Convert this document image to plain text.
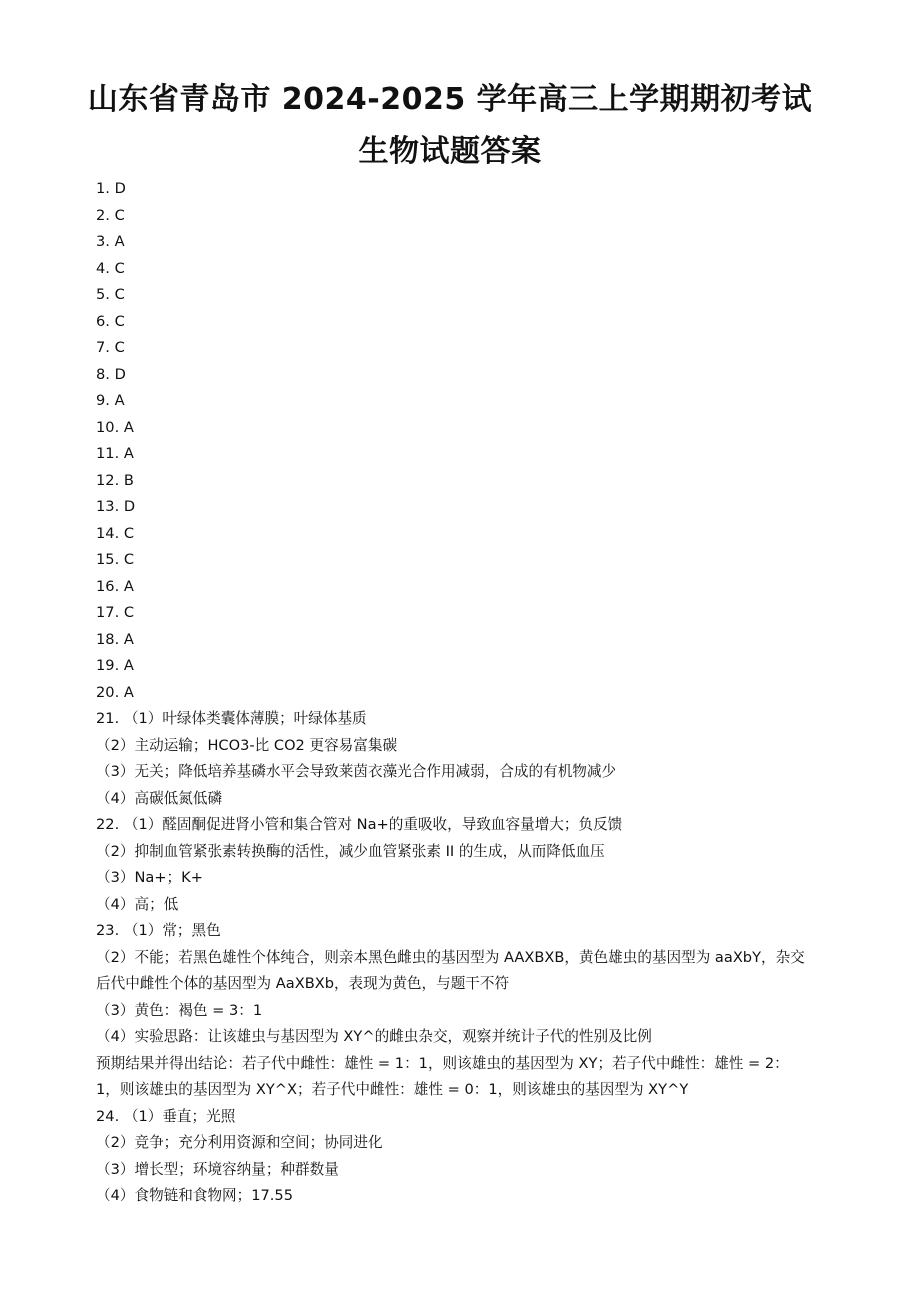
山东省青岛市 2024-2025 学年高三上学期期初考试
生物试题答案
1. D
2. C
3. A
4. C
5. C
6. C
7. C
8. D
9. A
10. A
11. A
12. B
13. D
14. C
15. C
16. A
17. C
18. A
19. A
20. A
21. （1）叶绿体类囊体薄膜；叶绿体基质
（2）主动运输；HCO3-比 CO2 更容易富集碳
（3）无关；降低培养基磷水平会导致莱茵衣藻光合作用减弱，合成的有机物减少
（4）高碳低氮低磷
22. （1）醛固酮促进肾小管和集合管对 Na+的重吸收，导致血容量增大；负反馈
（2）抑制血管紧张素转换酶的活性，减少血管紧张素 II 的生成，从而降低血压
（3）Na+；K+
（4）高；低
23. （1）常；黑色
（2）不能；若黑色雄性个体纯合，则亲本黑色雌虫的基因型为 AAXBXB，黄色雄虫的基因型为 aaXbY，杂交后代中雌性个体的基因型为 AaXBXb，表现为黄色，与题干不符
（3）黄色：褐色 = 3：1
（4）实验思路：让该雄虫与基因型为 XY^的雌虫杂交，观察并统计子代的性别及比例
预期结果并得出结论：若子代中雌性：雄性 = 1：1，则该雄虫的基因型为 XY；若子代中雌性：雄性 = 2：1，则该雄虫的基因型为 XY^X；若子代中雌性：雄性 = 0：1，则该雄虫的基因型为 XY^Y
24. （1）垂直；光照
（2）竞争；充分利用资源和空间；协同进化
（3）增长型；环境容纳量；种群数量
（4）食物链和食物网；17.55
